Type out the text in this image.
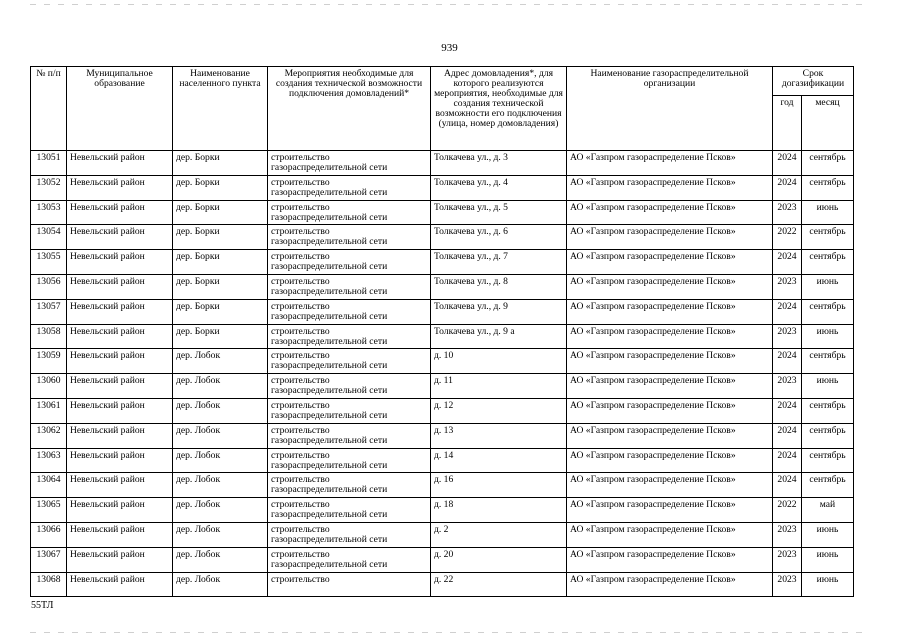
939
№ п/п	Муниципальное образование	Наименование населенного пункта	Мероприятия необходимые для создания технической возможности подключения домовладений*	Адрес домовладения*, для которого реализуются мероприятия, необходимые для создания технической возможности его подключения (улица, номер домовладения)	Наименование газораспределительной организации	Срок догазификации	
						год	месяц
13051	Невельский район	дер. Борки	строительство газораспределительной сети	Толкачева ул., д. 3	АО «Газпром газораспределение Псков»	2024	сентябрь
13052	Невельский район	дер. Борки	строительство газораспределительной сети	Толкачева ул., д. 4	АО «Газпром газораспределение Псков»	2024	сентябрь
13053	Невельский район	дер. Борки	строительство газораспределительной сети	Толкачева ул., д. 5	АО «Газпром газораспределение Псков»	2023	июнь
13054	Невельский район	дер. Борки	строительство газораспределительной сети	Толкачева ул., д. 6	АО «Газпром газораспределение Псков»	2022	сентябрь
13055	Невельский район	дер. Борки	строительство газораспределительной сети	Толкачева ул., д. 7	АО «Газпром газораспределение Псков»	2024	сентябрь
13056	Невельский район	дер. Борки	строительство газораспределительной сети	Толкачева ул., д. 8	АО «Газпром газораспределение Псков»	2023	июнь
13057	Невельский район	дер. Борки	строительство газораспределительной сети	Толкачева ул., д. 9	АО «Газпром газораспределение Псков»	2024	сентябрь
13058	Невельский район	дер. Борки	строительство газораспределительной сети	Толкачева ул., д. 9 а	АО «Газпром газораспределение Псков»	2023	июнь
13059	Невельский район	дер. Лобок	строительство газораспределительной сети	д. 10	АО «Газпром газораспределение Псков»	2024	сентябрь
13060	Невельский район	дер. Лобок	строительство газораспределительной сети	д. 11	АО «Газпром газораспределение Псков»	2023	июнь
13061	Невельский район	дер. Лобок	строительство газораспределительной сети	д. 12	АО «Газпром газораспределение Псков»	2024	сентябрь
13062	Невельский район	дер. Лобок	строительство газораспределительной сети	д. 13	АО «Газпром газораспределение Псков»	2024	сентябрь
13063	Невельский район	дер. Лобок	строительство газораспределительной сети	д. 14	АО «Газпром газораспределение Псков»	2024	сентябрь
13064	Невельский район	дер. Лобок	строительство газораспределительной сети	д. 16	АО «Газпром газораспределение Псков»	2024	сентябрь
13065	Невельский район	дер. Лобок	строительство газораспределительной сети	д. 18	АО «Газпром газораспределение Псков»	2022	май
13066	Невельский район	дер. Лобок	строительство газораспределительной сети	д. 2	АО «Газпром газораспределение Псков»	2023	июнь
13067	Невельский район	дер. Лобок	строительство газораспределительной сети	д. 20	АО «Газпром газораспределение Псков»	2023	июнь
13068	Невельский район	дер. Лобок	строительство	д. 22	АО «Газпром газораспределение Псков»	2023	июнь
55ТЛ
